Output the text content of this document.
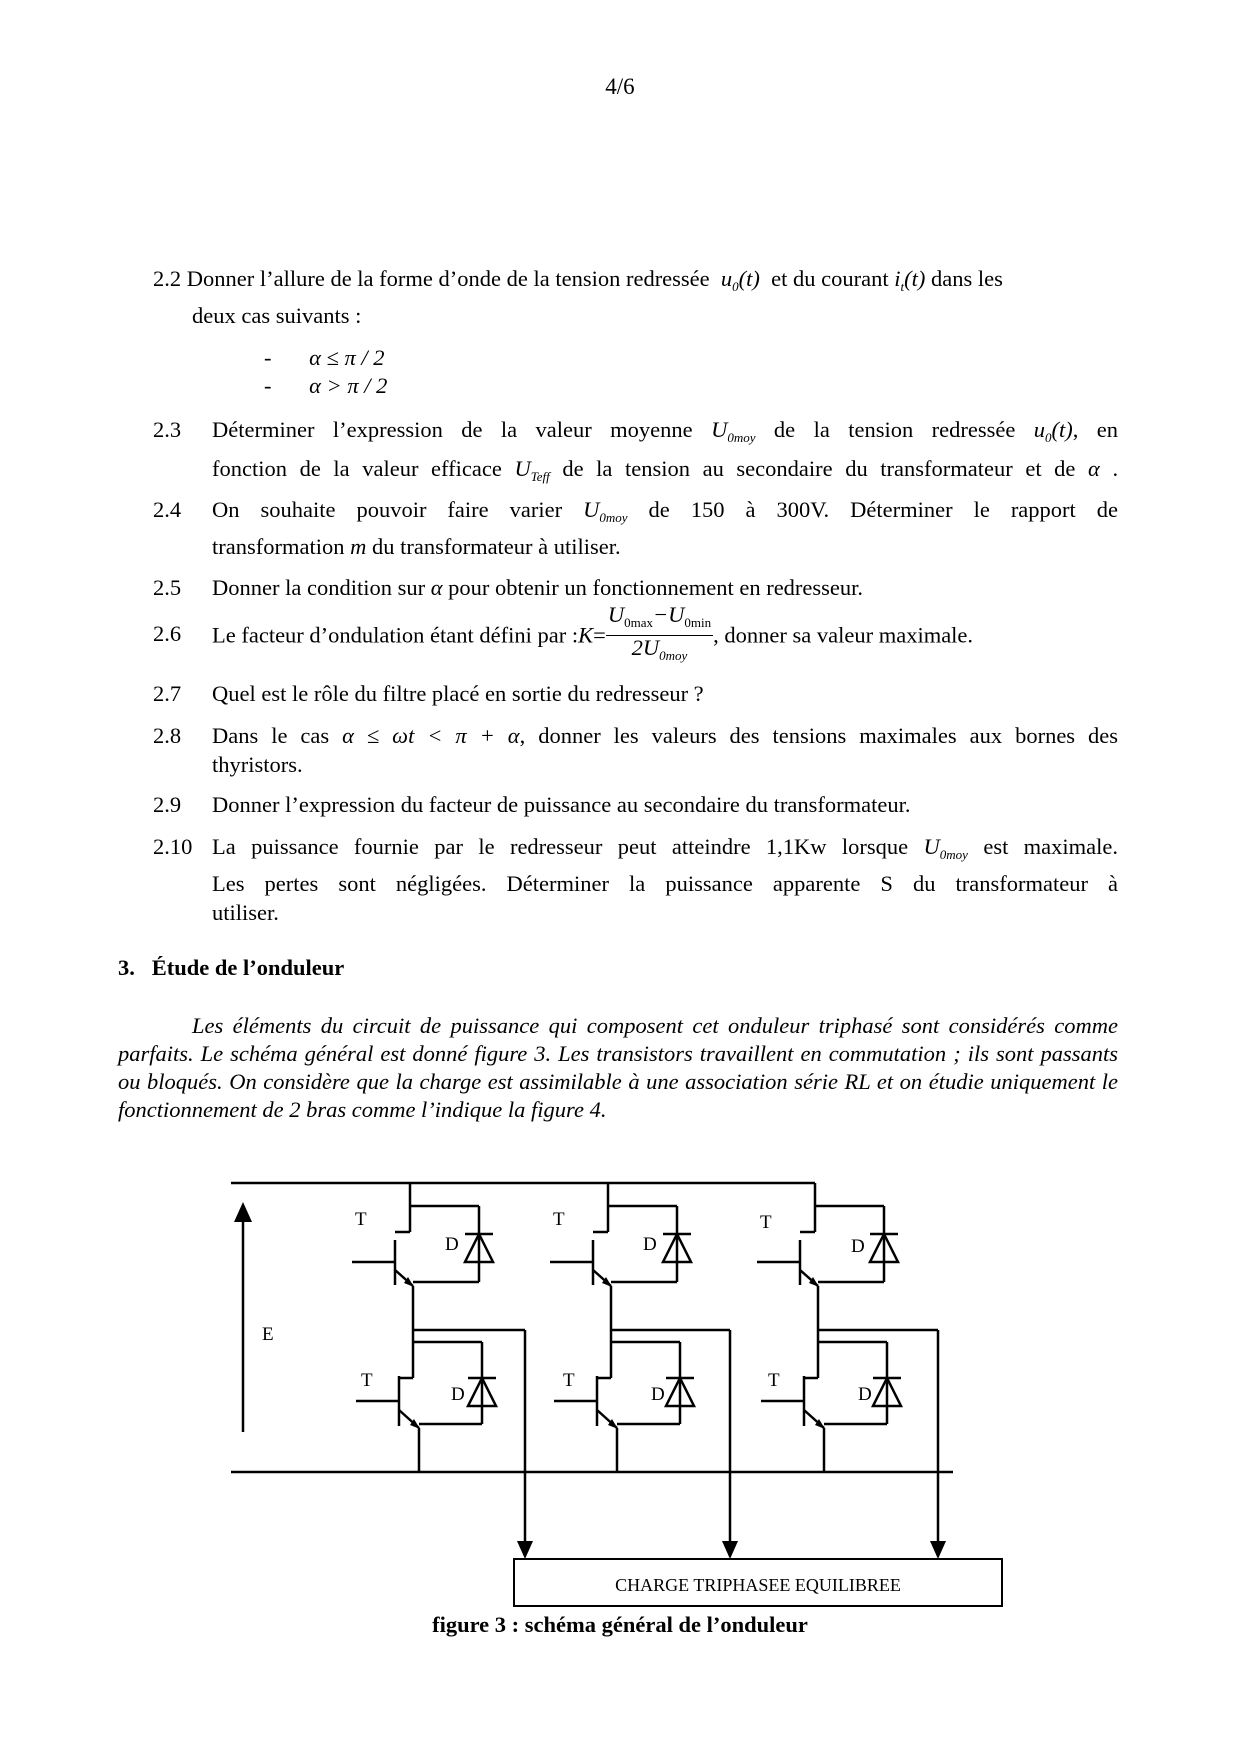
4/6
2.2 Donner l’allure de la forme d’onde de la tension redressée $u_0(t)$ et du courant $i_t(t)$ dans les
deux cas suivants :
- α ≤ π / 2
- α > π / 2
2.3 Déterminer l’expression de la valeur moyenne $U_{0moy}$ de la tension redressée $u_0(t)$, en
fonction de la valeur efficace $U_{Teff}$ de la tension au secondaire du transformateur et de α .
2.4 On souhaite pouvoir faire varier $U_{0moy}$ de 150 à 300V. Déterminer le rapport de
transformation m du transformateur à utiliser.
2.5 Donner la condition sur α pour obtenir un fonctionnement en redresseur.
2.6 Le facteur d’ondulation étant défini par :K= $\frac{U_{0max}-U_{0min}}{2U_{0moy}}$ , donner sa valeur maximale.
2.7 Quel est le rôle du filtre placé en sortie du redresseur ?
2.8 Dans le cas α ≤ ωt < π + α, donner les valeurs des tensions maximales aux bornes des
thyristors.
2.9 Donner l’expression du facteur de puissance au secondaire du transformateur.
2.10 La puissance fournie par le redresseur peut atteindre 1,1Kw lorsque $U_{0moy}$ est maximale.
Les pertes sont négligées. Déterminer la puissance apparente S du transformateur à
utiliser.
3.   Étude de l’onduleur
Les éléments du circuit de puissance qui composent cet onduleur triphasé sont considérés comme parfaits. Le schéma général est donné figure 3. Les transistors travaillent en commutation ; ils sont passants ou bloqués. On considère que la charge est assimilable à une association série RL et on étudie uniquement le fonctionnement de 2 bras comme l’indique la figure 4.
E
T
D
T
D
T
D
T
D
T
D
T
D
CHARGE TRIPHASEE EQUILIBREE
figure 3 : schéma général de l’onduleur
